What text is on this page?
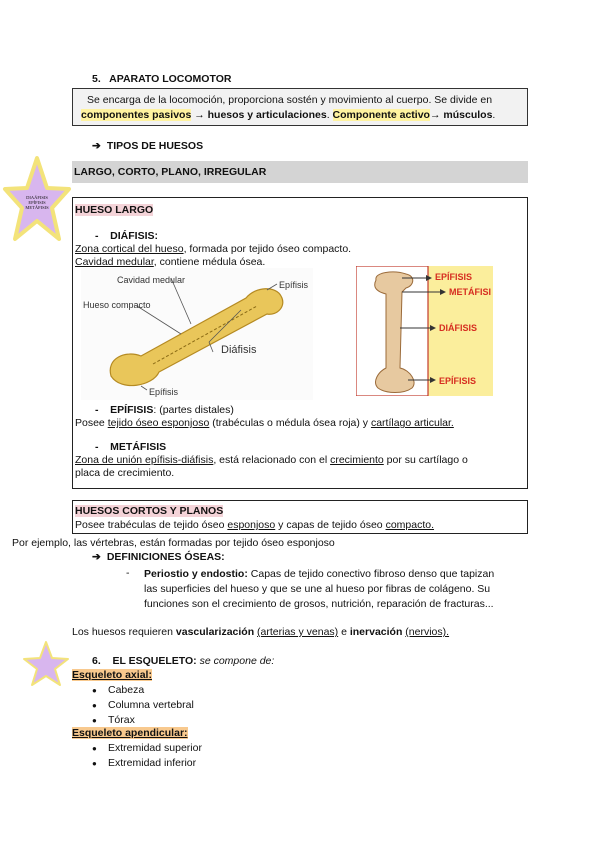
5. APARATO LOCOMOTOR
Se encarga de la locomoción, proporciona sostén y movimiento al cuerpo. Se divide en
componentes pasivos → huesos y articulaciones. Componente activo→ músculos.
➔ TIPOS DE HUESOS
LARGO, CORTO, PLANO, IRREGULAR
DIAÁFISIS
EPÍFISIS
METÁFISIS	HUESO LARGO
- DIÁFISIS:
Zona cortical del hueso, formada por tejido óseo compacto.
Cavidad medular, contiene médula ósea.
Cavidad medular
Hueso compacto
Epífisis
Diáfisis
Epífisis
EPÍFISIS
METÁFISI
DIÁFISIS
EPÍFISIS
- EPÍFISIS: (partes distales)
Posee tejido óseo esponjoso (trabéculas o médula ósea roja) y cartílago articular.
- METÁFISIS
Zona de unión epífisis-diáfisis, está relacionado con el crecimiento por su cartílago o
placa de crecimiento.
HUESOS CORTOS Y PLANOS
Posee trabéculas de tejido óseo esponjoso y capas de tejido óseo compacto.
Por ejemplo, las vértebras, están formadas por tejido óseo esponjoso
➔ DEFINICIONES ÓSEAS:
- Periostio y endostio: Capas de tejido conectivo fibroso denso que tapizan
las superficies del hueso y que se une al hueso por fibras de colágeno. Su
funciones son el crecimiento de grosos, nutrición, reparación de fracturas...
Los huesos requieren vascularización (arterias y venas) e inervación (nervios).
6. EL ESQUELETO: se compone de:
Esqueleto axial:
● Cabeza
● Columna vertebral
● Tórax
Esqueleto apendicular:
● Extremidad superior
● Extremidad inferior
